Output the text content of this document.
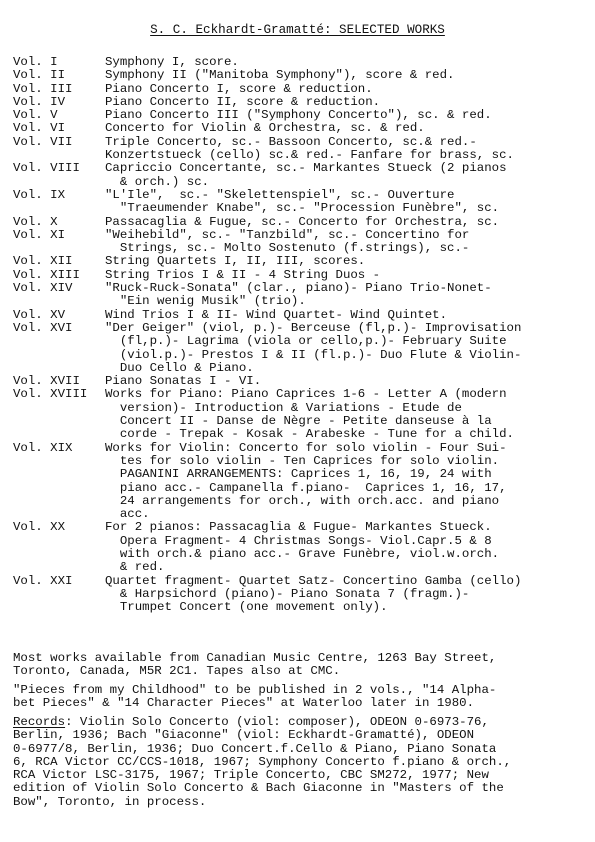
S. C. Eckhardt-Gramatté: SELECTED WORKS
Vol. I	Symphony I, score.
Vol. II	Symphony II ("Manitoba Symphony"), score & red.
Vol. III	Piano Concerto I, score & reduction.
Vol. IV	Piano Concerto II, score & reduction.
Vol. V	Piano Concerto III ("Symphony Concerto"), sc. & red.
Vol. VI	Concerto for Violin & Orchestra, sc. & red.
Vol. VII	Triple Concerto, sc.- Bassoon Concerto, sc.& red.-
Konzertstueck (cello) sc.& red.- Fanfare for brass, sc.
Vol. VIII	Capriccio Concertante, sc.- Markantes Stueck (2 pianos
& orch.) sc.
Vol. IX	"L'Ile",  sc.- "Skelettenspiel", sc.- Ouverture
"Traeumender Knabe", sc.- "Procession Funèbre", sc.
Vol. X	Passacaglia & Fugue, sc.- Concerto for Orchestra, sc.
Vol. XI	"Weihebild", sc.- "Tanzbild", sc.- Concertino for
Strings, sc.- Molto Sostenuto (f.strings), sc.-
Vol. XII	String Quartets I, II, III, scores.
Vol. XIII	String Trios I & II - 4 String Duos -
Vol. XIV	"Ruck-Ruck-Sonata" (clar., piano)- Piano Trio-Nonet-
"Ein wenig Musik" (trio).
Vol. XV	Wind Trios I & II- Wind Quartet- Wind Quintet.
Vol. XVI	"Der Geiger" (viol, p.)- Berceuse (fl,p.)- Improvisation
(fl,p.)- Lagrima (viola or cello,p.)- February Suite
(viol.p.)- Prestos I & II (fl.p.)- Duo Flute & Violin-
Duo Cello & Piano.
Vol. XVII	Piano Sonatas I - VI.
Vol. XVIII	Works for Piano: Piano Caprices 1-6 - Letter A (modern
version)- Introduction & Variations - Etude de
Concert II - Danse de Nègre - Petite danseuse à la
corde - Trepak - Kosak - Arabeske - Tune for a child.
Vol. XIX	Works for Violin: Concerto for solo violin - Four Sui-
tes for solo violin - Ten Caprices for solo violin.
PAGANINI ARRANGEMENTS: Caprices 1, 16, 19, 24 with
piano acc.- Campanella f.piano-  Caprices 1, 16, 17,
24 arrangements for orch., with orch.acc. and piano
acc.
Vol. XX	For 2 pianos: Passacaglia & Fugue- Markantes Stueck.
Opera Fragment- 4 Christmas Songs- Viol.Capr.5 & 8
with orch.& piano acc.- Grave Funèbre, viol.w.orch.
& red.
Vol. XXI	Quartet fragment- Quartet Satz- Concertino Gamba (cello)
& Harpsichord (piano)- Piano Sonata 7 (fragm.)-
Trumpet Concert (one movement only).
Most works available from Canadian Music Centre, 1263 Bay Street,
Toronto, Canada, M5R 2C1. Tapes also at CMC.
"Pieces from my Childhood" to be published in 2 vols., "14 Alpha-
bet Pieces" & "14 Character Pieces" at Waterloo later in 1980.
Records: Violin Solo Concerto (viol: composer), ODEON 0-6973-76,
Berlin, 1936; Bach "Giaconne" (viol: Eckhardt-Gramatté), ODEON
0-6977/8, Berlin, 1936; Duo Concert.f.Cello & Piano, Piano Sonata
6, RCA Victor CC/CCS-1018, 1967; Symphony Concerto f.piano & orch.,
RCA Victor LSC-3175, 1967; Triple Concerto, CBC SM272, 1977; New
edition of Violin Solo Concerto & Bach Giaconne in "Masters of the
Bow", Toronto, in process.
